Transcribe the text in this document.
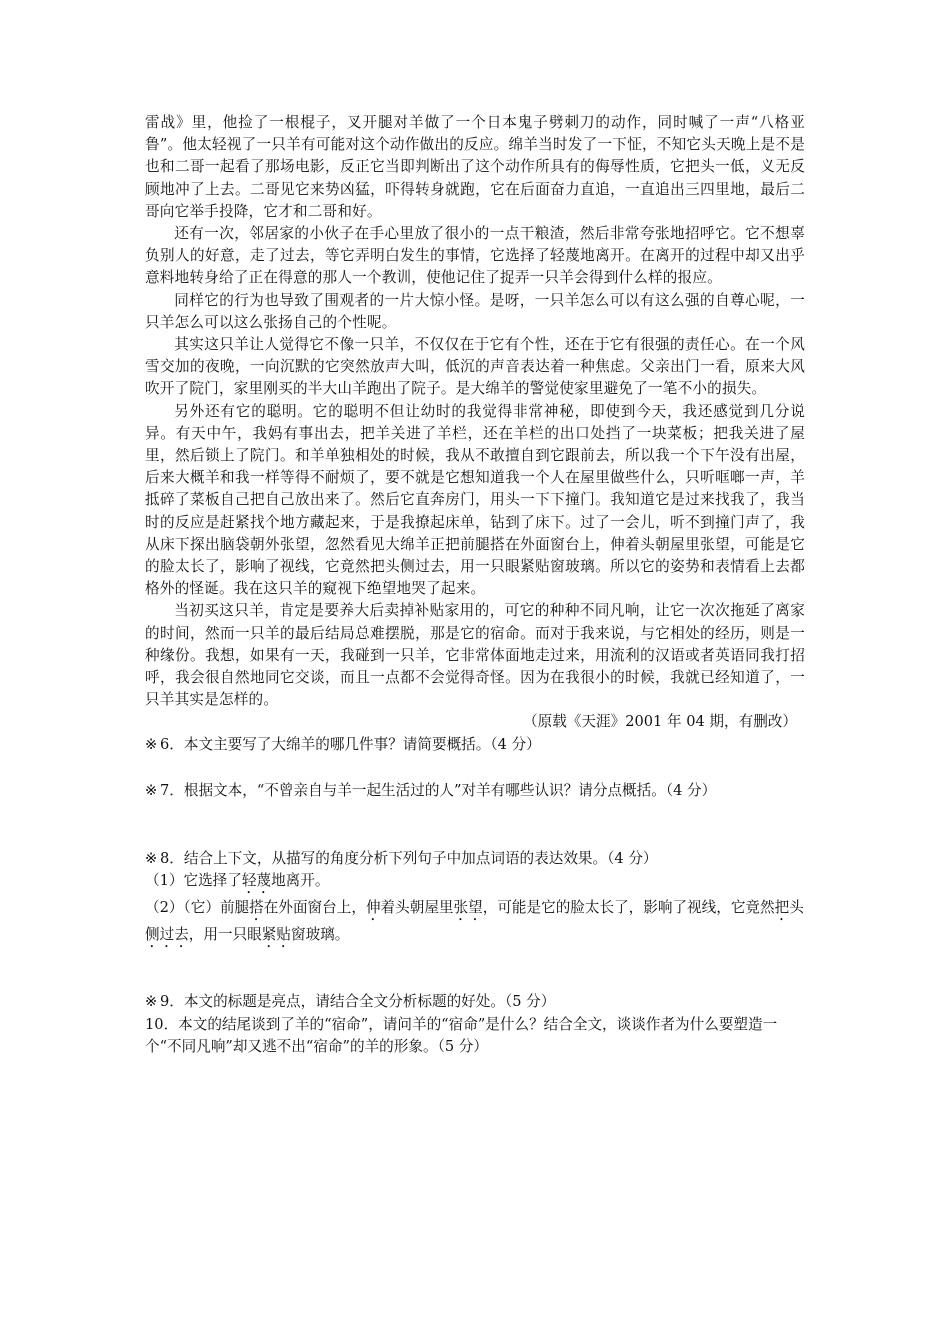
雷战》里，他捡了一根棍子，叉开腿对羊做了一个日本鬼子劈刺刀的动作，同时喊了一声“八格亚鲁”。他太轻视了一只羊有可能对这个动作做出的反应。绵羊当时发了一下怔，不知它头天晚上是不是也和二哥一起看了那场电影，反正它当即判断出了这个动作所具有的侮辱性质，它把头一低，义无反顾地冲了上去。二哥见它来势凶猛，吓得转身就跑，它在后面奋力直追，一直追出三四里地，最后二哥向它举手投降，它才和二哥和好。

还有一次，邻居家的小伙子在手心里放了很小的一点干粮渣，然后非常夸张地招呼它。它不想辜负别人的好意，走了过去，等它弄明白发生的事情，它选择了轻蔑地离开。在离开的过程中却又出乎意料地转身给了正在得意的那人一个教训，使他记住了捉弄一只羊会得到什么样的报应。

同样它的行为也导致了围观者的一片大惊小怪。是呀，一只羊怎么可以有这么强的自尊心呢，一只羊怎么可以这么张扬自己的个性呢。

其实这只羊让人觉得它不像一只羊，不仅仅在于它有个性，还在于它有很强的责任心。在一个风雪交加的夜晚，一向沉默的它突然放声大叫，低沉的声音表达着一种焦虑。父亲出门一看，原来大风吹开了院门，家里刚买的半大山羊跑出了院子。是大绵羊的警觉使家里避免了一笔不小的损失。

另外还有它的聪明。它的聪明不但让幼时的我觉得非常神秘，即使到今天，我还感觉到几分说异。有天中午，我妈有事出去，把羊关进了羊栏，还在羊栏的出口处挡了一块菜板；把我关进了屋里，然后锁上了院门。和羊单独相处的时候，我从不敢擅自到它跟前去，所以我一个下午没有出屋，后来大概羊和我一样等得不耐烦了，要不就是它想知道我一个人在屋里做些什么，只听哐啷一声，羊抵碎了菜板自己把自己放出来了。然后它直奔房门，用头一下下撞门。我知道它是过来找我了，我当时的反应是赶紧找个地方藏起来，于是我撩起床单，钻到了床下。过了一会儿，听不到撞门声了，我从床下探出脑袋朝外张望，忽然看见大绵羊正把前腿搭在外面窗台上，伸着头朝屋里张望，可能是它的脸太长了，影响了视线，它竟然把头侧过去，用一只眼紧贴窗玻璃。所以它的姿势和表情看上去都格外的怪诞。我在这只羊的窥视下绝望地哭了起来。

当初买这只羊，肯定是要养大后卖掉补贴家用的，可它的种种不同凡响，让它一次次拖延了离家的时间，然而一只羊的最后结局总难摆脱，那是它的宿命。而对于我来说，与它相处的经历，则是一种缘份。我想，如果有一天，我碰到一只羊，它非常体面地走过来，用流利的汉语或者英语同我打招呼，我会很自然地同它交谈，而且一点都不会觉得奇怪。因为在我很小的时候，我就已经知道了，一只羊其实是怎样的。

（原载《天涯》2001 年 04 期，有删改）

※ 6．本文主要写了大绵羊的哪几件事？请简要概括。（4 分）

※ 7．根据文本，“不曾亲自与羊一起生活过的人”对羊有哪些认识？请分点概括。（4 分）

※ 8．结合上下文，从描写的角度分析下列句子中加点词语的表达效果。（4 分）

（1）它选择了轻蔑地离开。

（2）（它）前腿搭在外面窗台上，伸着头朝屋里张望，可能是它的脸太长了，影响了视线，它竟然把头侧过去，用一只眼紧贴窗玻璃。

※ 9．本文的标题是亮点，请结合全文分析标题的好处。（5 分）

10．本文的结尾谈到了羊的“宿命”，请问羊的“宿命”是什么？结合全文，谈谈作者为什么要塑造一个“不同凡响”却又逃不出“宿命”的羊的形象。（5 分）
